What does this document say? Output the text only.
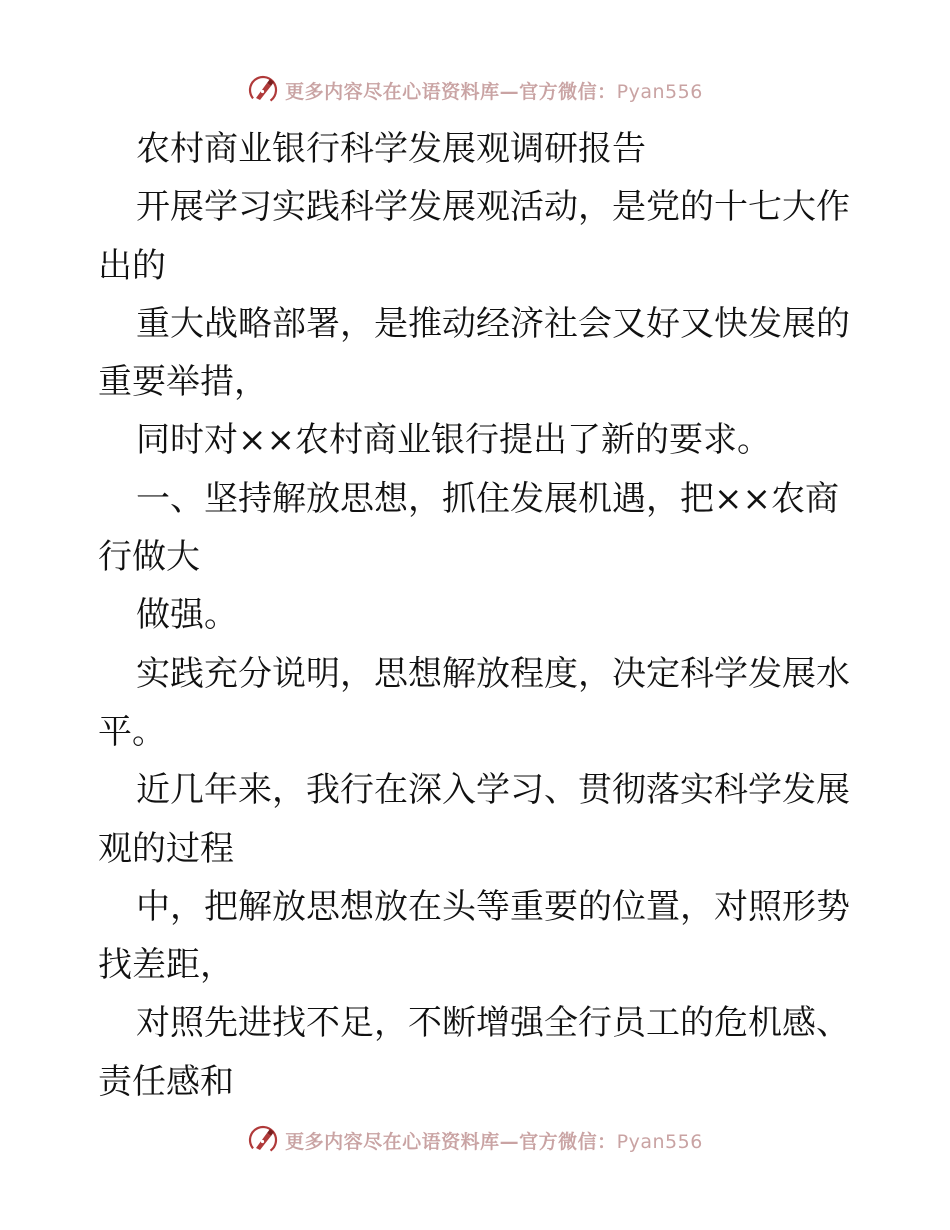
更多内容尽在心语资料库—官方微信：Pyan556
农村商业银行科学发展观调研报告
开展学习实践科学发展观活动，是党的十七大作
出的
重大战略部署，是推动经济社会又好又快发展的
重要举措，
同时对××农村商业银行提出了新的要求。
一、坚持解放思想，抓住发展机遇，把××农商
行做大
做强。
实践充分说明，思想解放程度，决定科学发展水
平。
近几年来，我行在深入学习、贯彻落实科学发展
观的过程
中，把解放思想放在头等重要的位置，对照形势
找差距，
对照先进找不足，不断增强全行员工的危机感、
责任感和
更多内容尽在心语资料库—官方微信：Pyan556
